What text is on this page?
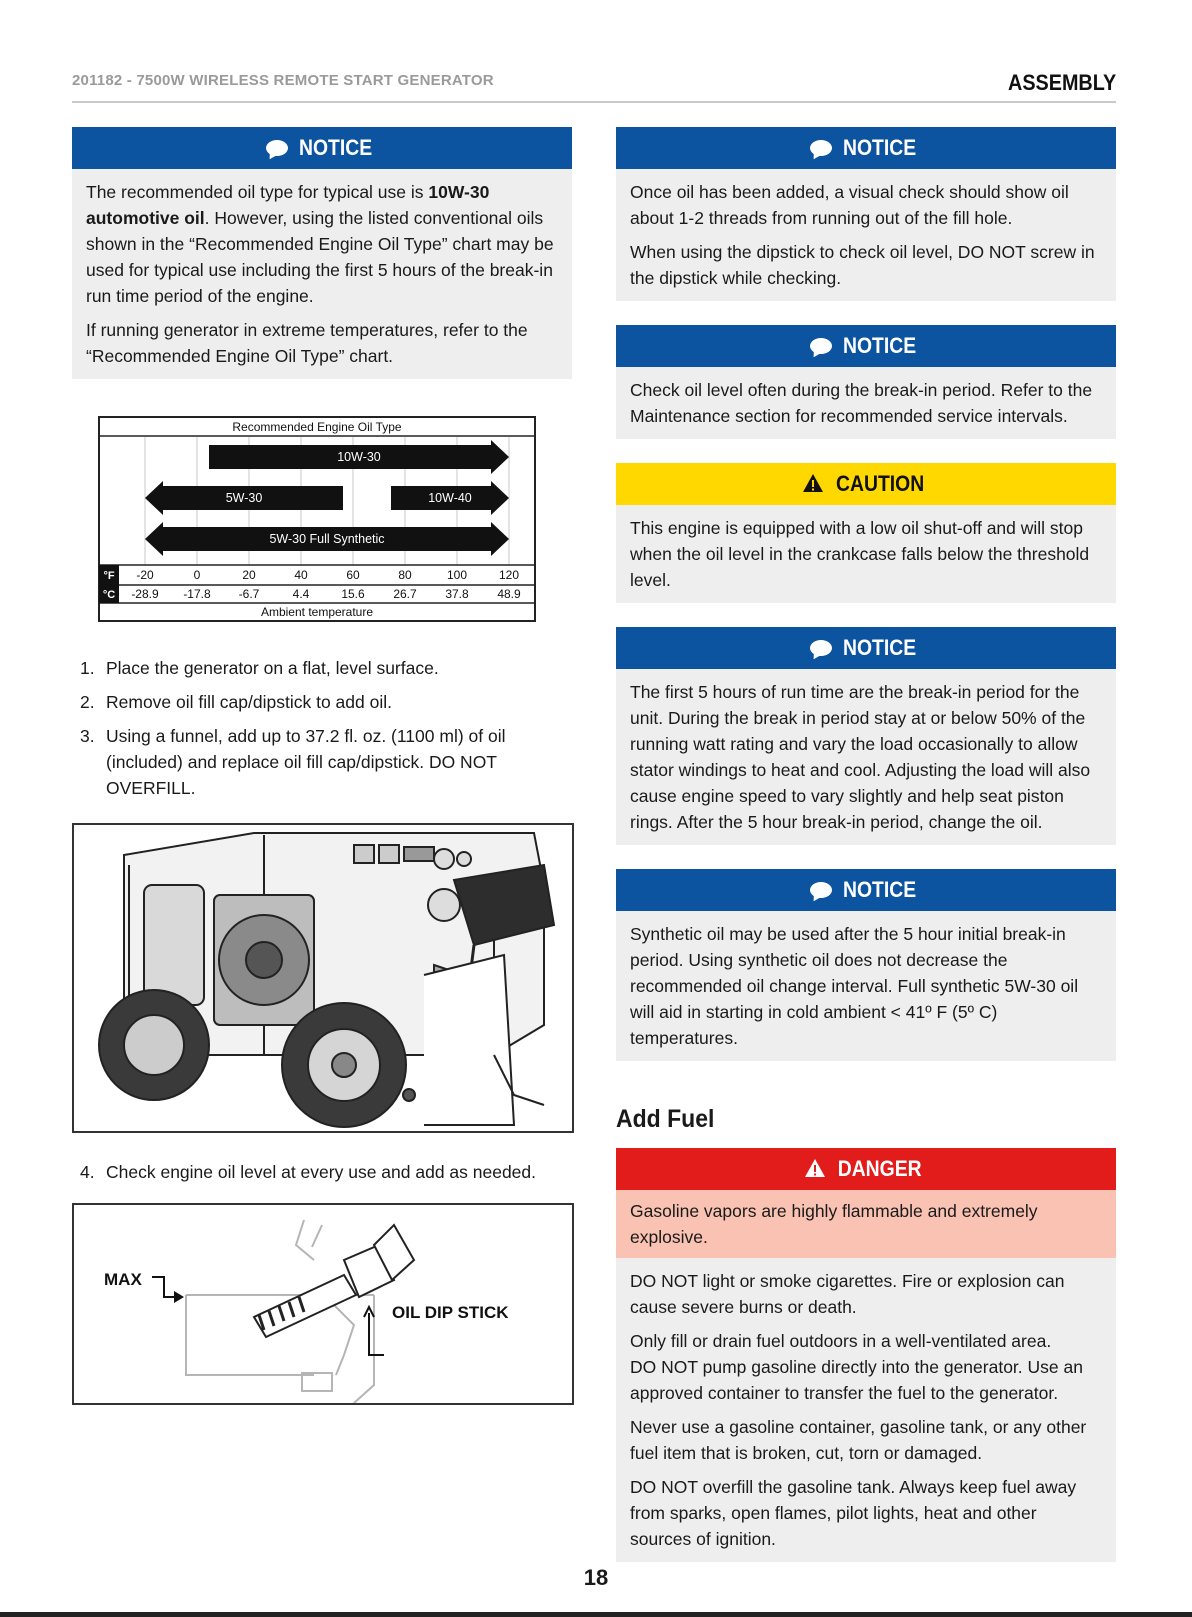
201182 - 7500W WIRELESS REMOTE START GENERATOR	ASSEMBLY
NOTICE

The recommended oil type for typical use is 10W-30 automotive oil. However, using the listed conventional oils shown in the “Recommended Engine Oil Type” chart may be used for typical use including the first 5 hours of the break-in run time period of the engine.

If running generator in extreme temperatures, refer to the “Recommended Engine Oil Type” chart.

Recommended Engine Oil Type
10W-30
5W-30	10W-40
5W-30 Full Synthetic
°F
°C
-20
-28.9
0
-17.8
20
-6.7
40
4.4
60
15.6
80
26.7
100
37.8
120
48.9
Ambient temperature
1. Place the generator on a flat, level surface.
2. Remove oil fill cap/dipstick to add oil.
3. Using a funnel, add up to 37.2 fl. oz. (1100 ml) of oil (included) and replace oil fill cap/dipstick. DO NOT OVERFILL.
4. Check engine oil level at every use and add as needed.
MAX
OIL DIP STICK
NOTICE

Once oil has been added, a visual check should show oil about 1-2 threads from running out of the fill hole.

When using the dipstick to check oil level, DO NOT screw in the dipstick while checking.

NOTICE

Check oil level often during the break-in period. Refer to the Maintenance section for recommended service intervals.

CAUTION

This engine is equipped with a low oil shut-off and will stop when the oil level in the crankcase falls below the threshold level.

NOTICE

The first 5 hours of run time are the break-in period for the unit. During the break in period stay at or below 50% of the running watt rating and vary the load occasionally to allow stator windings to heat and cool. Adjusting the load will also cause engine speed to vary slightly and help seat piston rings. After the 5 hour break-in period, change the oil.

NOTICE

Synthetic oil may be used after the 5 hour initial break-in period. Using synthetic oil does not decrease the recommended oil change interval. Full synthetic 5W-30 oil will aid in starting in cold ambient < 41º F (5º C) temperatures.

Add Fuel
DANGER
Gasoline vapors are highly flammable and extremely explosive.

DO NOT light or smoke cigarettes. Fire or explosion can cause severe burns or death.

Only fill or drain fuel outdoors in a well-ventilated area.
DO NOT pump gasoline directly into the generator. Use an approved container to transfer the fuel to the generator.

Never use a gasoline container, gasoline tank, or any other fuel item that is broken, cut, torn or damaged.

DO NOT overfill the gasoline tank. Always keep fuel away from sparks, open flames, pilot lights, heat and other sources of ignition.

18
